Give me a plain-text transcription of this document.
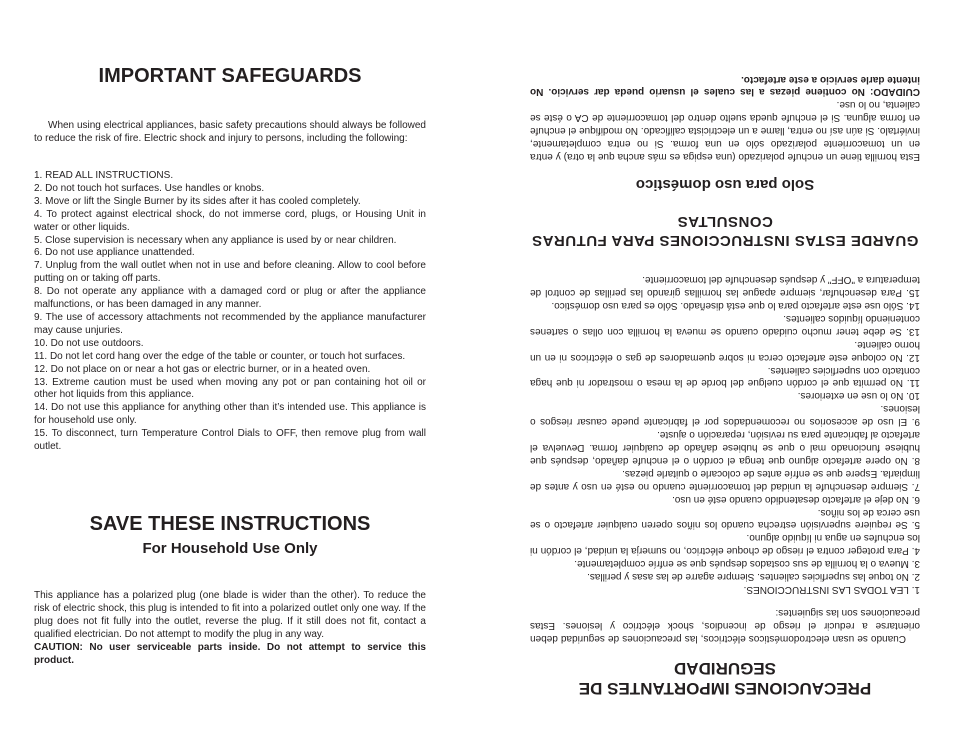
IMPORTANT SAFEGUARDS

When using electrical appliances, basic safety precautions should always be followed to reduce the risk of fire. Electric shock and injury to persons, including the following:

1. READ ALL INSTRUCTIONS.

2. Do not touch hot surfaces. Use handles or knobs.

3. Move or lift the Single Burner by its sides after it has cooled completely.

4. To protect against electrical shock, do not immerse cord, plugs, or Housing Unit in water or other liquids.

5. Close supervision is necessary when any appliance is used by or near children.

6. Do not use appliance unattended.

7. Unplug from the wall outlet when not in use and before cleaning. Allow to cool before putting on or taking off parts.

8. Do not operate any appliance with a damaged cord or plug or after the appliance malfunctions, or has been damaged in any manner.

9. The use of accessory attachments not recommended by the appliance manufacturer may cause unjuries.

10. Do not use outdoors.

11. Do not let cord hang over the edge of the table or counter, or touch hot surfaces.

12. Do not place on or near a hot gas or electric burner, or in a heated oven.

13. Extreme caution must be used when moving any pot or pan containing hot oil or other hot liquids from this appliance.

14. Do not use this appliance for anything other than it’s intended use. This appliance is for household use only.

15. To disconnect, turn Temperature Control Dials to OFF, then remove plug from wall outlet.

SAVE THESE INSTRUCTIONS
For Household Use Only

This appliance has a polarized plug (one blade is wider than the other). To reduce the risk of electric shock, this plug is intended to fit into a polarized outlet only one way. If the plug does not fit fully into the outlet, reverse the plug. If it still does not fit, contact a qualified electrician. Do not attempt to modify the plug in any way.

CAUTION: No user serviceable parts inside. Do not attempt to service this product.

PRECAUCIONES IMPORTANTES DE SEGURIDAD

Cuando se usan electrodomésticos eléctricos, las precauciones de seguridad deben orientarse a reducir el riesgo de incendios, shock eléctrico y lesiones. Estas precauciones son las siguientes:

1. LEA TODAS LAS INSTRUCCIONES.

2. No toque las superficies calientes. Siempre agarre de las asas y perillas.

3. Mueva o la hornilla de sus costados después que se enfríe completamente.

4. Para proteger contra el riesgo de choque eléctrico, no sumerja la unidad, el cordón ni los enchufes en agua ni líquido alguno.

5. Se requiere supervisión estrecha cuando los niños operen cualquier artefacto o se use cerca de los niños.

6. No deje el artefacto desatendido cuando esté en uso.

7. Siempre desenchufe la unidad del tomacorriente cuando no esté en uso y antes de limpiarla. Espere que se enfríe antes de colocarle o quitarle piezas.

8. No opere artefacto alguno que tenga el cordón o el enchufe dañado, después que hubiese funcionado mal o que se hubiese dañado de cualquier forma. Devuelva el artefacto al fabricante para su revisión, reparación o ajuste.

9. El uso de accesorios no recomendados por el fabricante puede causar riesgos o lesiones.

10. No lo use en exteriores.

11. No permita que el cordón cuelgue del borde de la mesa o mostrador ni que haga contacto con superficies calientes.

12. No coloque este artefacto cerca ni sobre quemadores de gas o eléctricos ni en un horno caliente.

13. Se debe tener mucho cuidado cuando se mueva la hornilla con ollas o sartenes conteniendo líquidos calientes.

14. Sólo use este artefacto para lo que está diseñado. Sólo es para uso doméstico.

15. Para desenchufar, siempre apague las hornillas girando las perillas de control de temperatura a "OFF" y después desenchufe del tomacorriente.

GUARDE ESTAS INSTRUCCIONES PARA FUTURAS CONSULTAS
Solo para uso doméstico

Esta hornilla tiene un enchufe polarizado (una espiga es más ancha que la otra) y entra en un tomacorriente polarizado sólo en una forma. Si no entra completamente, inviértalo. Si aún así no entra, llame a un electricista calificado. No modifique el enchufe en forma alguna. Si el enchufe queda suelto dentro del tomacorriente de CA o éste se calienta, no lo use.

CUIDADO: No contiene piezas a las cuales el usuario pueda dar servicio. No intente darle servicio a este artefacto.
